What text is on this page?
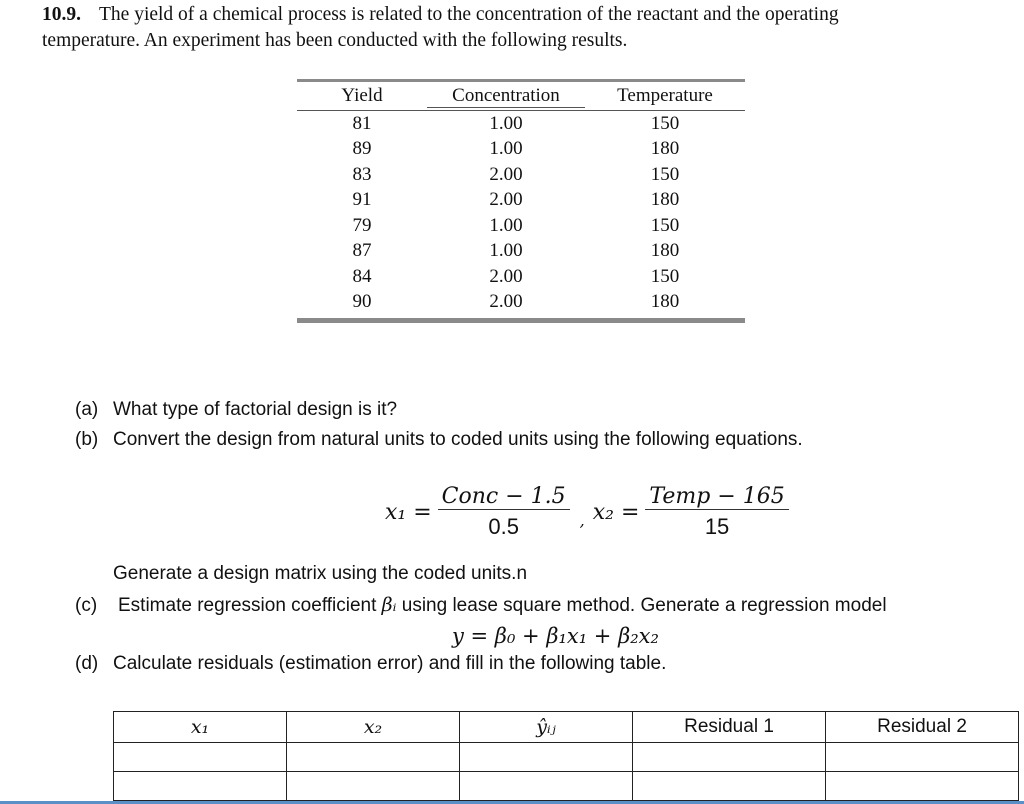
10.9. The yield of a chemical process is related to the concentration of the reactant and the operating
temperature. An experiment has been conducted with the following results.
Yield	Concentration	Temperature
81	1.00	150
89	1.00	180
83	2.00	150
91	2.00	180
79	1.00	150
87	1.00	180
84	2.00	150
90	2.00	180
(a) What type of factorial design is it?
(b) Convert the design from natural units to coded units using the following equations.
$x_1 = \frac{\text{Conc − 1.5}}{0.5}$ , $x_2 = \frac{\text{Temp − 165}}{15}$
Generate a design matrix using the coded units.n
(c) Estimate regression coefficient βᵢ using lease square method. Generate a regression model
y = β₀ + β₁x₁ + β₂x₂
(d) Calculate residuals (estimation error) and fill in the following table.
x₁	x₂	ŷᵢⱼ	Residual 1	Residual 2
